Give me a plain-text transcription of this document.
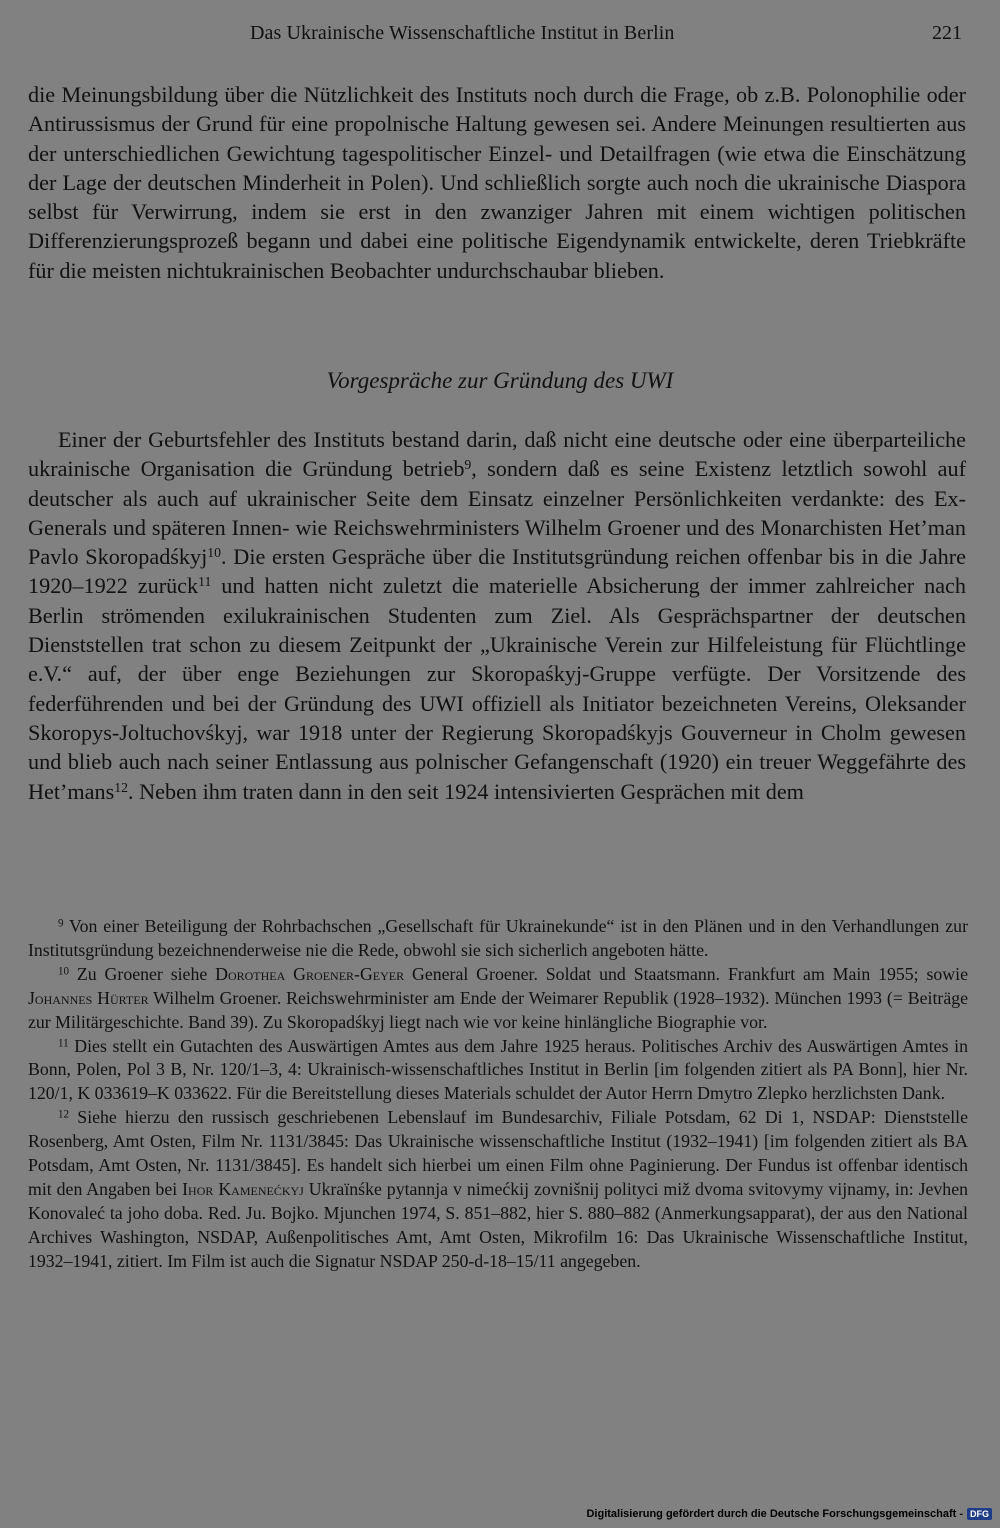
Das Ukrainische Wissenschaftliche Institut in Berlin	221

die Meinungsbildung über die Nützlichkeit des Instituts noch durch die Frage, ob z.B. Polonophilie oder Antirussismus der Grund für eine propolnische Haltung gewesen sei. Andere Meinungen resultierten aus der unterschiedlichen Gewichtung tagespolitischer Einzel- und Detailfragen (wie etwa die Einschätzung der Lage der deutschen Minderheit in Polen). Und schließlich sorgte auch noch die ukrainische Diaspora selbst für Verwirrung, indem sie erst in den zwanziger Jahren mit einem wichtigen politischen Differenzierungsprozeß begann und dabei eine politische Eigendynamik entwickelte, deren Triebkräfte für die meisten nichtukrainischen Beobachter undurchschaubar blieben.

Vorgespräche zur Gründung des UWI

Einer der Geburtsfehler des Instituts bestand darin, daß nicht eine deutsche oder eine überparteiliche ukrainische Organisation die Gründung betrieb$^9$, sondern daß es seine Existenz letztlich sowohl auf deutscher als auch auf ukrainischer Seite dem Einsatz einzelner Persönlichkeiten verdankte: des Ex-Generals und späteren Innen- wie Reichswehrministers Wilhelm Groener und des Monarchisten Het’man Pavlo Skoropadśkyj$^{10}$. Die ersten Gespräche über die Institutsgründung reichen offenbar bis in die Jahre 1920–1922 zurück$^{11}$ und hatten nicht zuletzt die materielle Absicherung der immer zahlreicher nach Berlin strömenden exilukrainischen Studenten zum Ziel. Als Gesprächspartner der deutschen Dienststellen trat schon zu diesem Zeitpunkt der „Ukrainische Verein zur Hilfeleistung für Flüchtlinge e.V.“ auf, der über enge Beziehungen zur Skoropaśkyj-Gruppe verfügte. Der Vorsitzende des federführenden und bei der Gründung des UWI offiziell als Initiator bezeichneten Vereins, Oleksander Skoropys-Joltuchovśkyj, war 1918 unter der Regierung Skoropadśkyjs Gouverneur in Cholm gewesen und blieb auch nach seiner Entlassung aus polnischer Gefangenschaft (1920) ein treuer Weggefährte des Het’mans$^{12}$. Neben ihm traten dann in den seit 1924 intensivierten Gesprächen mit dem

$^9$ Von einer Beteiligung der Rohrbachschen „Gesellschaft für Ukrainekunde“ ist in den Plänen und in den Verhandlungen zur Institutsgründung bezeichnenderweise nie die Rede, obwohl sie sich sicherlich angeboten hätte.

$^{10}$ Zu Groener siehe Dorothea Groener-Geyer General Groener. Soldat und Staatsmann. Frankfurt am Main 1955; sowie Johannes Hürter Wilhelm Groener. Reichswehrminister am Ende der Weimarer Republik (1928–1932). München 1993 (= Beiträge zur Militärgeschichte. Band 39). Zu Skoropadśkyj liegt nach wie vor keine hinlängliche Biographie vor.

$^{11}$ Dies stellt ein Gutachten des Auswärtigen Amtes aus dem Jahre 1925 heraus. Politisches Archiv des Auswärtigen Amtes in Bonn, Polen, Pol 3 B, Nr. 120/1–3, 4: Ukrainisch-wissenschaftliches Institut in Berlin [im folgenden zitiert als PA Bonn], hier Nr. 120/1, K 033619–K 033622. Für die Bereitstellung dieses Materials schuldet der Autor Herrn Dmytro Zlepko herzlichsten Dank.

$^{12}$ Siehe hierzu den russisch geschriebenen Lebenslauf im Bundesarchiv, Filiale Potsdam, 62 Di 1, NSDAP: Dienststelle Rosenberg, Amt Osten, Film Nr. 1131/3845: Das Ukrainische wissenschaftliche Institut (1932–1941) [im folgenden zitiert als BA Potsdam, Amt Osten, Nr. 1131/3845]. Es handelt sich hierbei um einen Film ohne Paginierung. Der Fundus ist offenbar identisch mit den Angaben bei Ihor Kamenećkyj Ukraïnśke pytannja v nimećkij zovnišnij polityci miž dvoma svitovymy vijnamy, in: Jevhen Konovaleć ta joho doba. Red. Ju. Bojko. Mjunchen 1974, S. 851–882, hier S. 880–882 (Anmerkungsapparat), der aus den National Archives Washington, NSDAP, Außenpolitisches Amt, Amt Osten, Mikrofilm 16: Das Ukrainische Wissenschaftliche Institut, 1932–1941, zitiert. Im Film ist auch die Signatur NSDAP 250-d-18–15/11 angegeben.

Digitalisierung gefördert durch die Deutsche Forschungsgemeinschaft - DFG
